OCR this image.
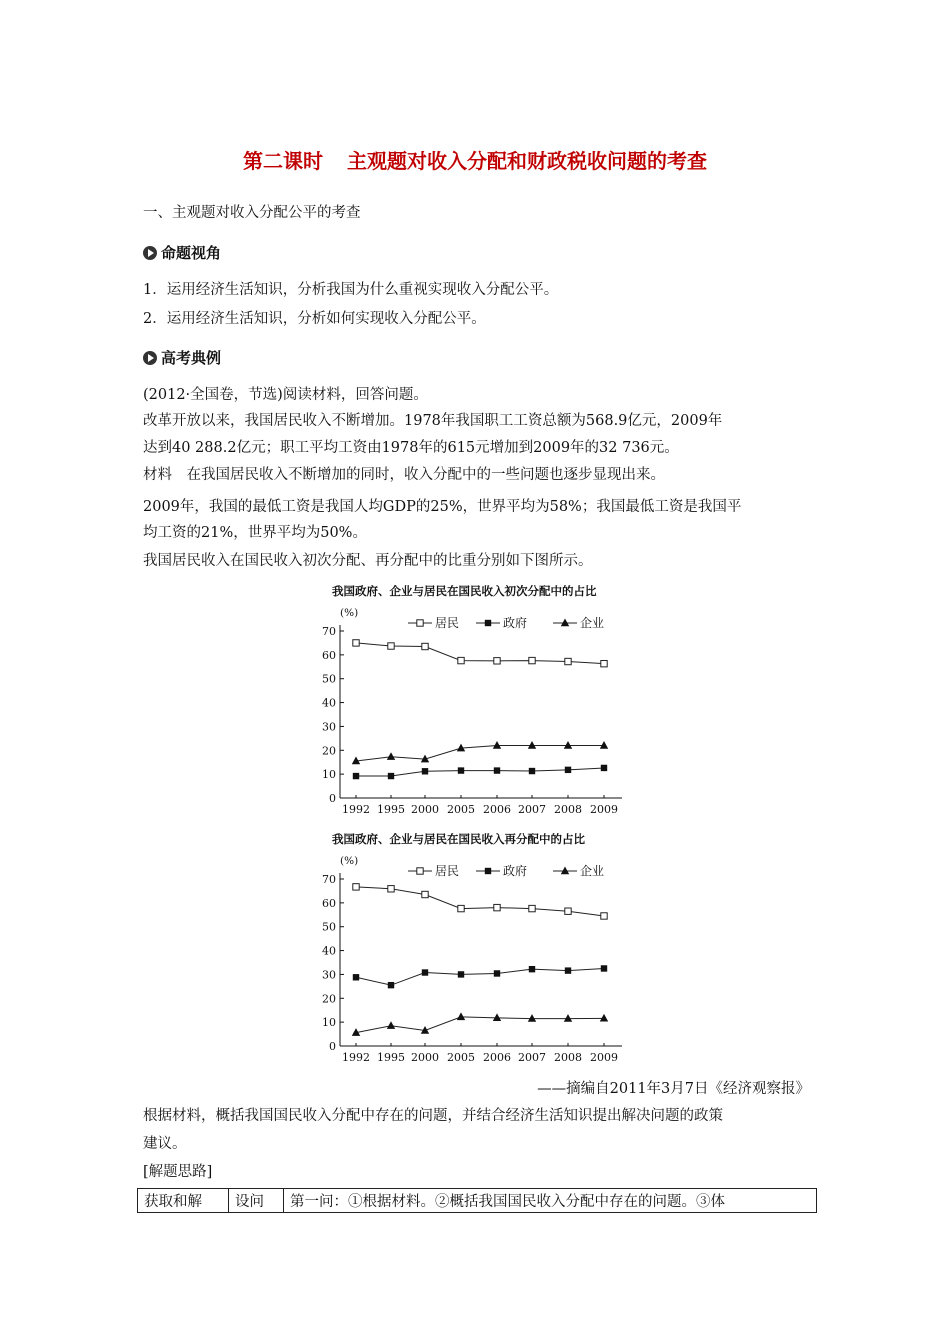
第二课时 主观题对收入分配和财政税收问题的考查
一、主观题对收入分配公平的考查
命题视角
1．运用经济生活知识，分析我国为什么重视实现收入分配公平。
2．运用经济生活知识，分析如何实现收入分配公平。
高考典例
(2012·全国卷，节选)阅读材料，回答问题。
改革开放以来，我国居民收入不断增加。1978年我国职工工资总额为568.9亿元，2009年
达到40 288.2亿元；职工平均工资由1978年的615元增加到2009年的32 736元。
材料　在我国居民收入不断增加的同时，收入分配中的一些问题也逐步显现出来。
2009年，我国的最低工资是我国人均GDP的25%，世界平均为58%；我国最低工资是我国平
均工资的21%，世界平均为50%。
我国居民收入在国民收入初次分配、再分配中的比重分别如下图所示。
我国政府、企业与居民在国民收入初次分配中的占比
(%)
0
10
20
30
40
50
60
70
1992 1995 2000 2005 2006 2007 2008 2009
居民	政府	企业
我国政府、企业与居民在国民收入再分配中的占比
(%)
0
10
20
30
40
50
60
70
1992 1995 2000 2005 2006 2007 2008 2009
居民	政府	企业
——摘编自2011年3月7日《经济观察报》
根据材料，概括我国国民收入分配中存在的问题，并结合经济生活知识提出解决问题的政策
建议。
[解题思路]
获取和解	设问	第一问：①根据材料。②概括我国国民收入分配中存在的问题。③体
